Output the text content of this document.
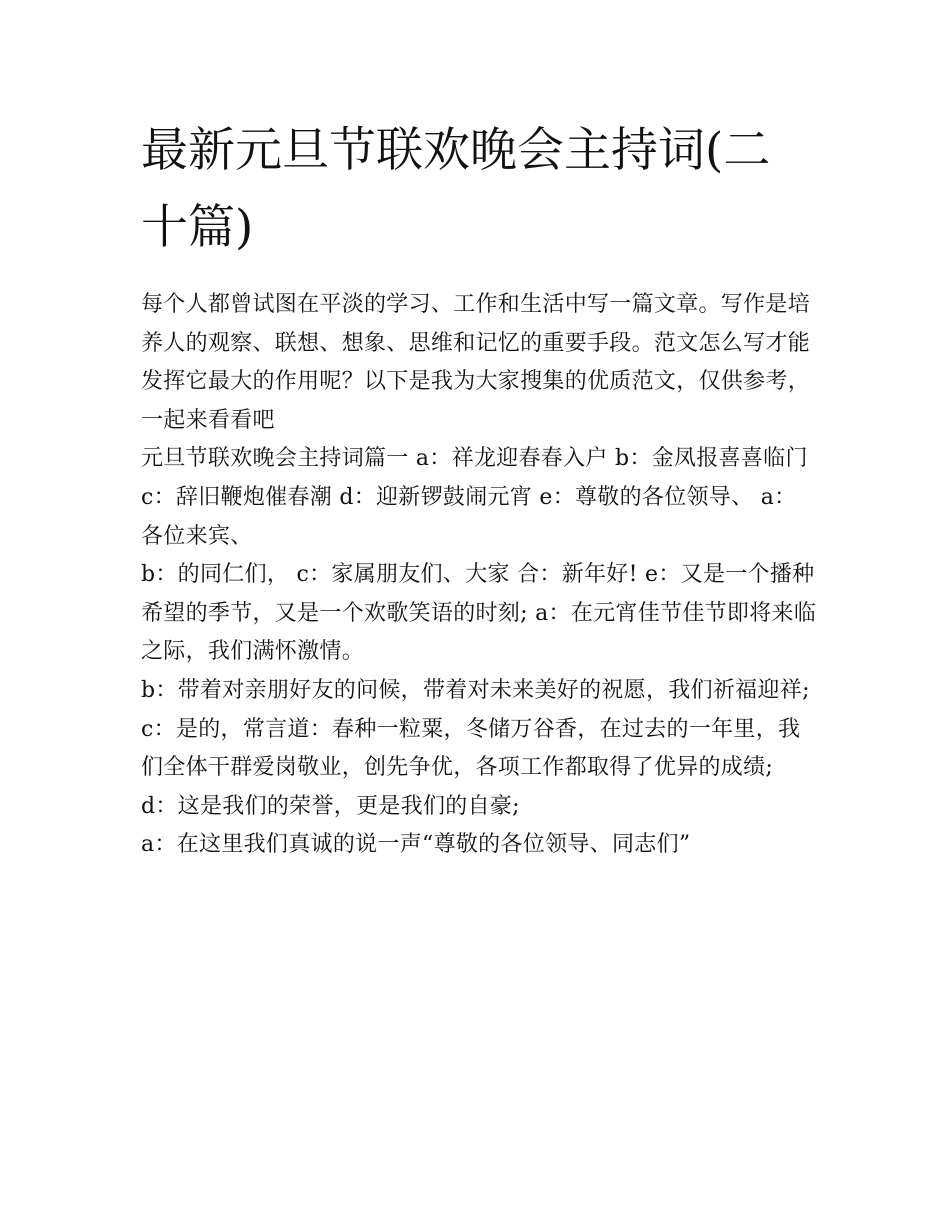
最新元旦节联欢晚会主持词(二十篇)

每个人都曾试图在平淡的学习、工作和生活中写一篇文章。写作是培养人的观察、联想、想象、思维和记忆的重要手段。范文怎么写才能发挥它最大的作用呢？以下是我为大家搜集的优质范文，仅供参考，一起来看看吧

元旦节联欢晚会主持词篇一 a：祥龙迎春春入户 b：金凤报喜喜临门 c：辞旧鞭炮催春潮 d：迎新锣鼓闹元宵 e：尊敬的各位领导、 a：各位来宾、

b：的同仁们， c：家属朋友们、大家 合：新年好! e：又是一个播种希望的季节，又是一个欢歌笑语的时刻; a：在元宵佳节佳节即将来临之际，我们满怀激情。

b：带着对亲朋好友的问候，带着对未来美好的祝愿，我们祈福迎祥;

c：是的，常言道：春种一粒粟，冬储万谷香，在过去的一年里，我们全体干群爱岗敬业，创先争优，各项工作都取得了优异的成绩; d：这是我们的荣誉，更是我们的自豪;

a：在这里我们真诚的说一声“尊敬的各位领导、同志们”
